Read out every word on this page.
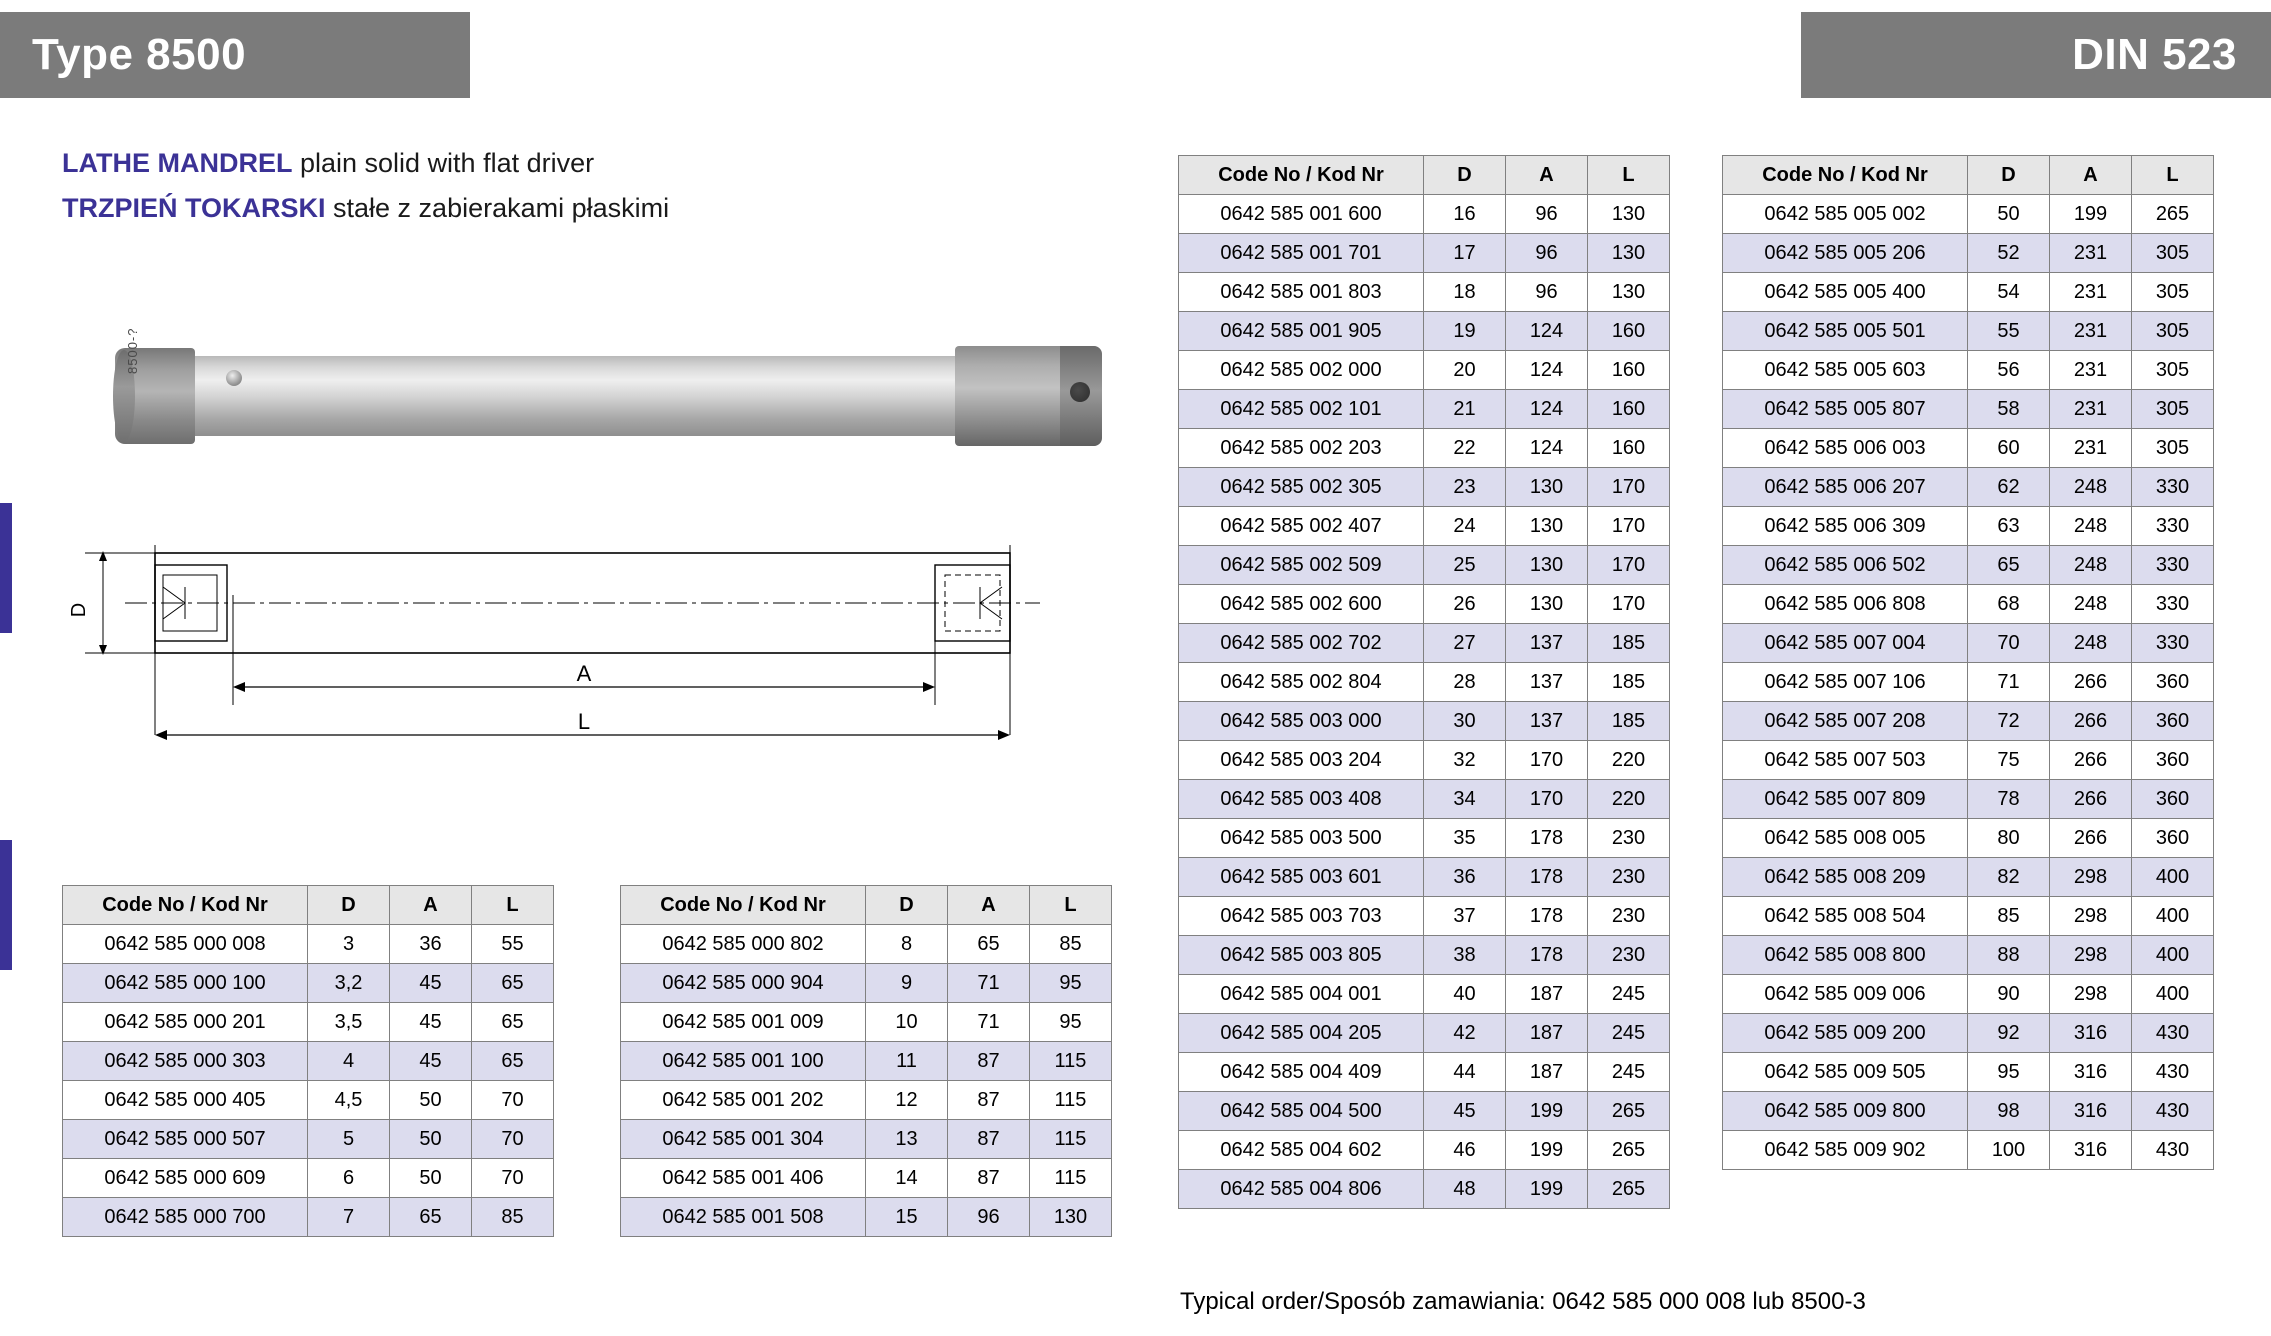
Type 8500	DIN 523
LATHE MANDREL plain solid with flat driver
TRZPIEŃ TOKARSKI stałe z zabierakami płaskimi
8500-?
D
A
L
Code No / Kod Nr	D	A	L
0642 585 000 008	3	36	55
0642 585 000 100	3,2	45	65
0642 585 000 201	3,5	45	65
0642 585 000 303	4	45	65
0642 585 000 405	4,5	50	70
0642 585 000 507	5	50	70
0642 585 000 609	6	50	70
0642 585 000 700	7	65	85
Code No / Kod Nr	D	A	L
0642 585 000 802	8	65	85
0642 585 000 904	9	71	95
0642 585 001 009	10	71	95
0642 585 001 100	11	87	115
0642 585 001 202	12	87	115
0642 585 001 304	13	87	115
0642 585 001 406	14	87	115
0642 585 001 508	15	96	130
Code No / Kod Nr	D	A	L
0642 585 001 600	16	96	130
0642 585 001 701	17	96	130
0642 585 001 803	18	96	130
0642 585 001 905	19	124	160
0642 585 002 000	20	124	160
0642 585 002 101	21	124	160
0642 585 002 203	22	124	160
0642 585 002 305	23	130	170
0642 585 002 407	24	130	170
0642 585 002 509	25	130	170
0642 585 002 600	26	130	170
0642 585 002 702	27	137	185
0642 585 002 804	28	137	185
0642 585 003 000	30	137	185
0642 585 003 204	32	170	220
0642 585 003 408	34	170	220
0642 585 003 500	35	178	230
0642 585 003 601	36	178	230
0642 585 003 703	37	178	230
0642 585 003 805	38	178	230
0642 585 004 001	40	187	245
0642 585 004 205	42	187	245
0642 585 004 409	44	187	245
0642 585 004 500	45	199	265
0642 585 004 602	46	199	265
0642 585 004 806	48	199	265
Code No / Kod Nr	D	A	L
0642 585 005 002	50	199	265
0642 585 005 206	52	231	305
0642 585 005 400	54	231	305
0642 585 005 501	55	231	305
0642 585 005 603	56	231	305
0642 585 005 807	58	231	305
0642 585 006 003	60	231	305
0642 585 006 207	62	248	330
0642 585 006 309	63	248	330
0642 585 006 502	65	248	330
0642 585 006 808	68	248	330
0642 585 007 004	70	248	330
0642 585 007 106	71	266	360
0642 585 007 208	72	266	360
0642 585 007 503	75	266	360
0642 585 007 809	78	266	360
0642 585 008 005	80	266	360
0642 585 008 209	82	298	400
0642 585 008 504	85	298	400
0642 585 008 800	88	298	400
0642 585 009 006	90	298	400
0642 585 009 200	92	316	430
0642 585 009 505	95	316	430
0642 585 009 800	98	316	430
0642 585 009 902	100	316	430
Typical order/Sposób zamawiania: 0642 585 000 008 lub 8500-3
